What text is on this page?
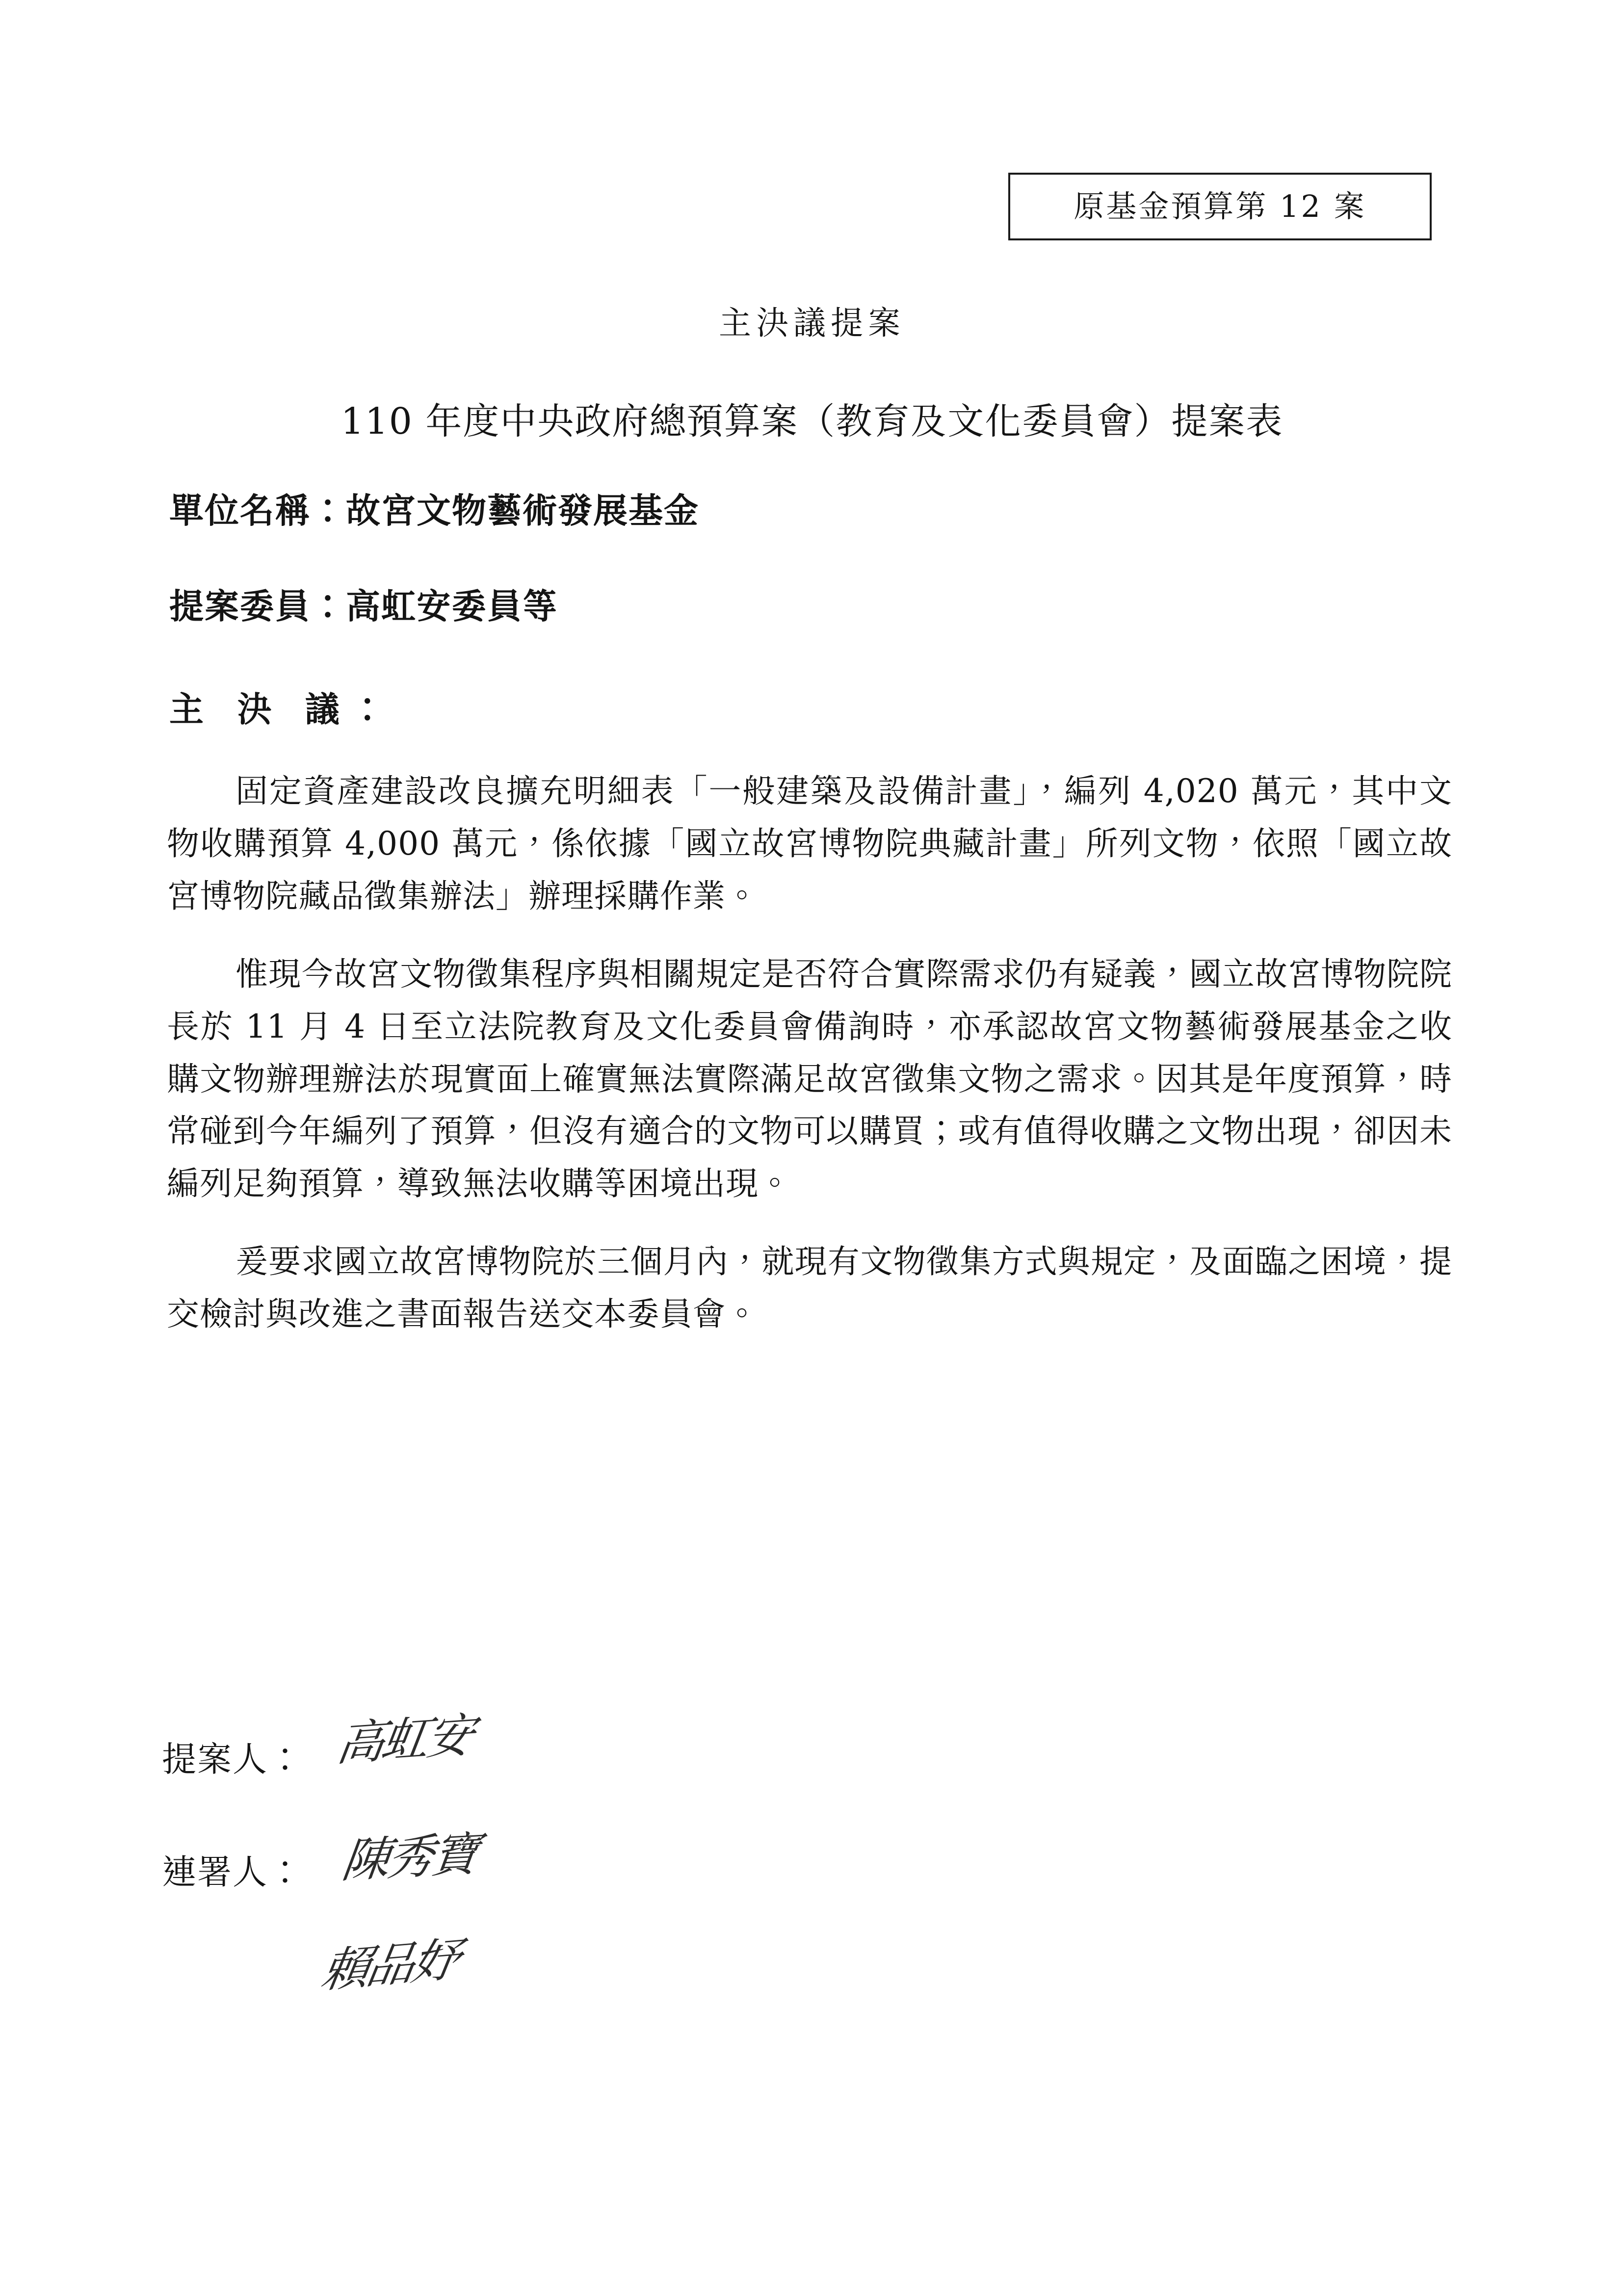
原基金預算第 12 案
主決議提案
110 年度中央政府總預算案（教育及文化委員會）提案表
單位名稱：故宮文物藝術發展基金
提案委員：高虹安委員等
主 決 議：

固定資產建設改良擴充明細表「一般建築及設備計畫」，編列 4,020 萬元，其中文物收購預算 4,000 萬元，係依據「國立故宮博物院典藏計畫」所列文物，依照「國立故宮博物院藏品徵集辦法」辦理採購作業。

惟現今故宮文物徵集程序與相關規定是否符合實際需求仍有疑義，國立故宮博物院院長於 11 月 4 日至立法院教育及文化委員會備詢時，亦承認故宮文物藝術發展基金之收購文物辦理辦法於現實面上確實無法實際滿足故宮徵集文物之需求。因其是年度預算，時常碰到今年編列了預算，但沒有適合的文物可以購買；或有值得收購之文物出現，卻因未編列足夠預算，導致無法收購等困境出現。

爰要求國立故宮博物院於三個月內，就現有文物徵集方式與規定，及面臨之困境，提交檢討與改進之書面報告送交本委員會。

提案人：
連署人：
高虹安
陳秀寶
賴品妤
